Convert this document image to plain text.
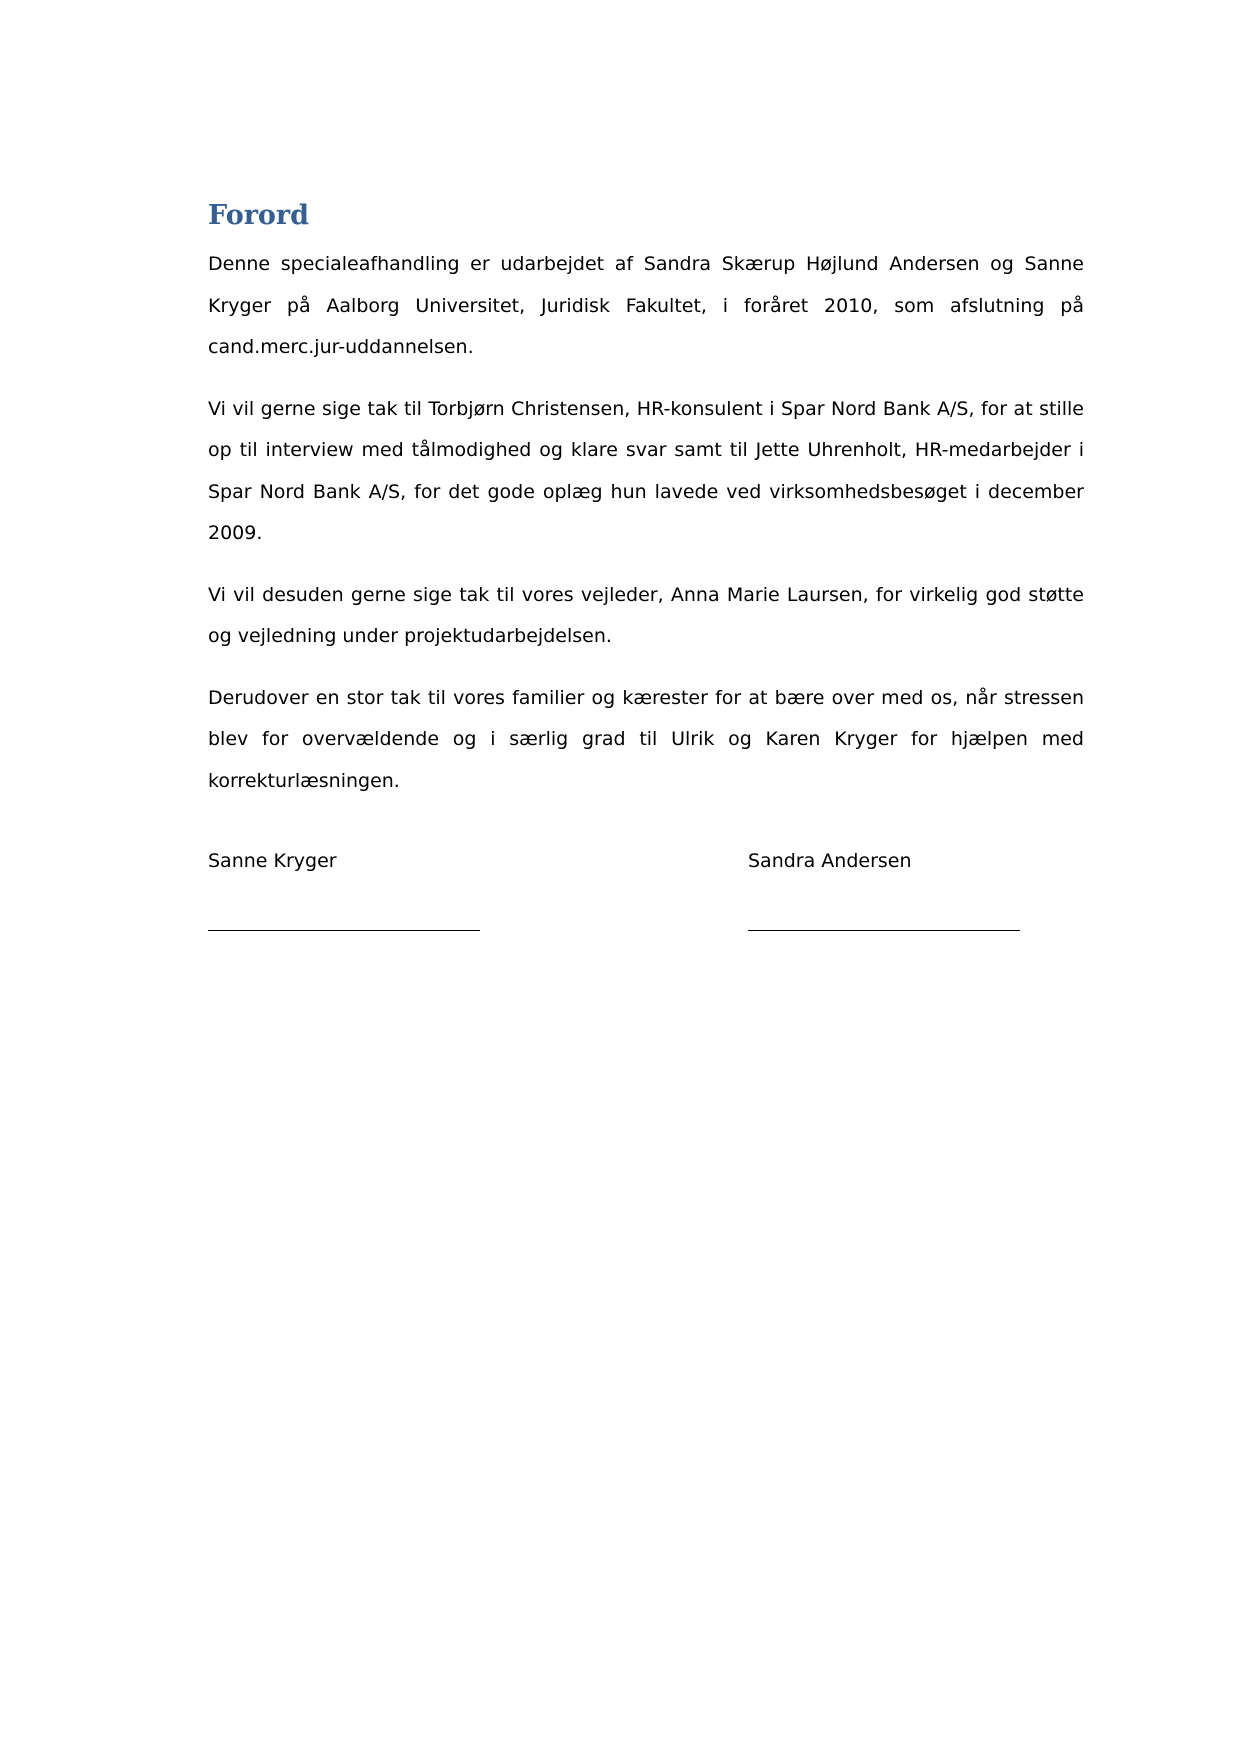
Forord

Denne specialeafhandling er udarbejdet af Sandra Skærup Højlund Andersen og Sanne Kryger på Aalborg Universitet, Juridisk Fakultet, i foråret 2010, som afslutning på cand.merc.jur-uddannelsen.

Vi vil gerne sige tak til Torbjørn Christensen, HR-konsulent i Spar Nord Bank A/S, for at stille op til interview med tålmodighed og klare svar samt til Jette Uhrenholt, HR-medarbejder i Spar Nord Bank A/S, for det gode oplæg hun lavede ved virksomhedsbesøget i december 2009.

Vi vil desuden gerne sige tak til vores vejleder, Anna Marie Laursen, for virkelig god støtte og vejledning under projektudarbejdelsen.

Derudover en stor tak til vores familier og kærester for at bære over med os, når stressen blev for overvældende og i særlig grad til Ulrik og Karen Kryger for hjælpen med korrekturlæsningen.

Sanne Kryger	Sandra Andersen
